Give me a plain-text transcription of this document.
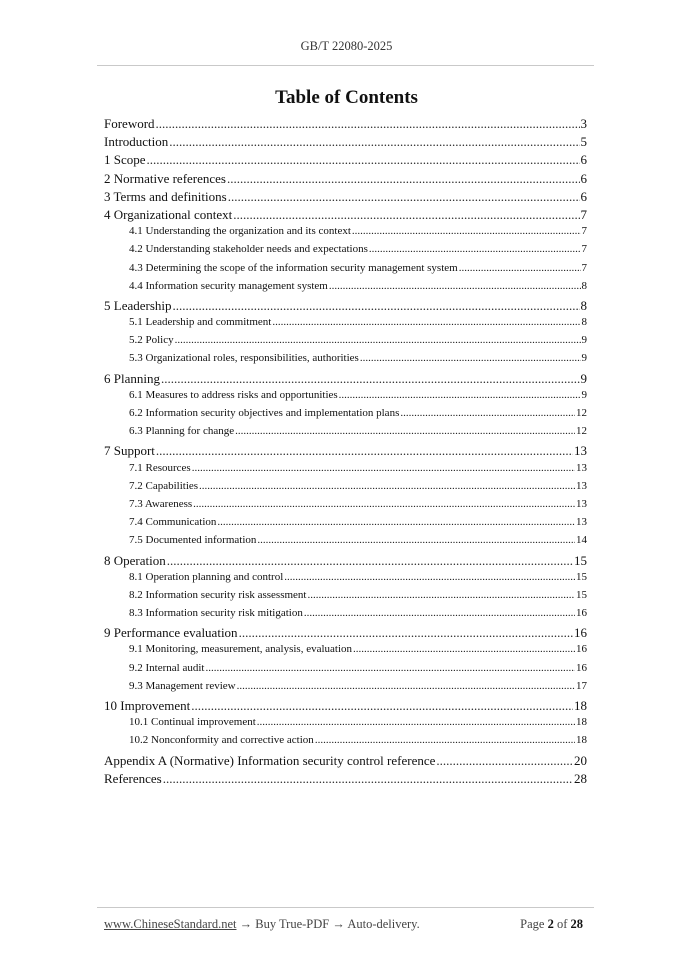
GB/T 22080-2025
Table of Contents
Foreword .....	3
Introduction .....	5
1 Scope .....	6
2 Normative references .....	6
3 Terms and definitions .....	6
4 Organizational context .....	7
4.1 Understanding the organization and its context .....	7
4.2 Understanding stakeholder needs and expectations .....	7
4.3 Determining the scope of the information security management system .....	7
4.4 Information security management system .....	8
5 Leadership .....	8
5.1 Leadership and commitment .....	8
5.2 Policy .....	9
5.3 Organizational roles, responsibilities, authorities .....	9
6 Planning .....	9
6.1 Measures to address risks and opportunities .....	9
6.2 Information security objectives and implementation plans .....	12
6.3 Planning for change .....	12
7 Support .....	13
7.1 Resources .....	13
7.2 Capabilities .....	13
7.3 Awareness .....	13
7.4 Communication .....	13
7.5 Documented information .....	14
8 Operation .....	15
8.1 Operation planning and control .....	15
8.2 Information security risk assessment .....	15
8.3 Information security risk mitigation .....	16
9 Performance evaluation .....	16
9.1 Monitoring, measurement, analysis, evaluation .....	16
9.2 Internal audit .....	16
9.3 Management review .....	17
10 Improvement .....	18
10.1 Continual improvement .....	18
10.2 Nonconformity and corrective action .....	18
Appendix A (Normative) Information security control reference .....	20
References .....	28
www.ChineseStandard.net → Buy True-PDF → Auto-delivery.	Page 2 of 28
